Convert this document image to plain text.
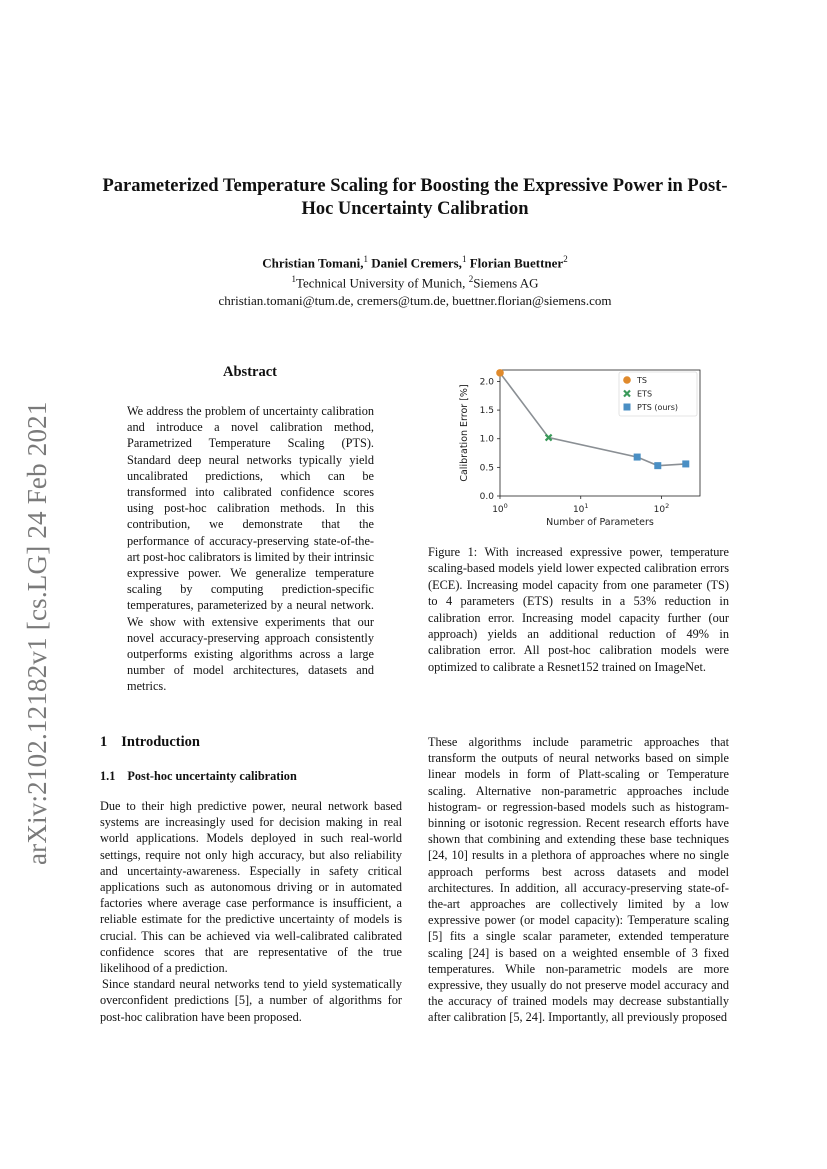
arXiv:2102.12182v1 [cs.LG] 24 Feb 2021
Parameterized Temperature Scaling for Boosting the Expressive Power in Post-Hoc Uncertainty Calibration
Christian Tomani,$^1$ Daniel Cremers,$^1$ Florian Buettner$^2$
$^1$Technical University of Munich, $^2$Siemens AG
christian.tomani@tum.de, cremers@tum.de, buettner.florian@siemens.com
Abstract
We address the problem of uncertainty calibration and introduce a novel calibration method, Parametrized Temperature Scaling (PTS). Standard deep neural networks typically yield uncalibrated predictions, which can be transformed into calibrated confidence scores using post-hoc calibration methods. In this contribution, we demonstrate that the performance of accuracy-preserving state-of-the-art post-hoc calibrators is limited by their intrinsic expressive power. We generalize temperature scaling by computing prediction-specific temperatures, parameterized by a neural network. We show with extensive experiments that our novel accuracy-preserving approach consistently outperforms existing algorithms across a large number of model architectures, datasets and metrics.
0.0
0.5
1.0
1.5
2.0
$10^0$	$10^1$	$10^2$
Number of Parameters
Calibration Error [%]
TS
ETS
PTS (ours)
Figure 1: With increased expressive power, temperature scaling-based models yield lower expected calibration errors (ECE). Increasing model capacity from one parameter (TS) to 4 parameters (ETS) results in a 53% reduction in calibration error. Increasing model capacity further (our approach) yields an additional reduction of 49% in calibration error. All post-hoc calibration models were optimized to calibrate a Resnet152 trained on ImageNet.
1 Introduction
1.1 Post-hoc uncertainty calibration

Due to their high predictive power, neural network based systems are increasingly used for decision making in real world applications. Models deployed in such real-world settings, require not only high accuracy, but also reliability and uncertainty-awareness. Especially in safety critical applications such as autonomous driving or in automated factories where average case performance is insufficient, a reliable estimate for the predictive uncertainty of models is crucial. This can be achieved via well-calibrated calibrated confidence scores that are representative of the true likelihood of a prediction.

Since standard neural networks tend to yield systematically overconfident predictions [5], a number of algorithms for post-hoc calibration have been proposed.

These algorithms include parametric approaches that transform the outputs of neural networks based on simple linear models in form of Platt-scaling or Temperature scaling. Alternative non-parametric approaches include histogram- or regression-based models such as histogram-binning or isotonic regression. Recent research efforts have shown that combining and extending these base techniques [24, 10] results in a plethora of approaches where no single approach performs best across datasets and model architectures. In addition, all accuracy-preserving state-of-the-art approaches are collectively limited by a low expressive power (or model capacity): Temperature scaling [5] fits a single scalar parameter, extended temperature scaling [24] is based on a weighted ensemble of 3 fixed temperatures. While non-parametric models are more expressive, they usually do not preserve model accuracy and the accuracy of trained models may decrease substantially after calibration [5, 24]. Importantly, all previously proposed
